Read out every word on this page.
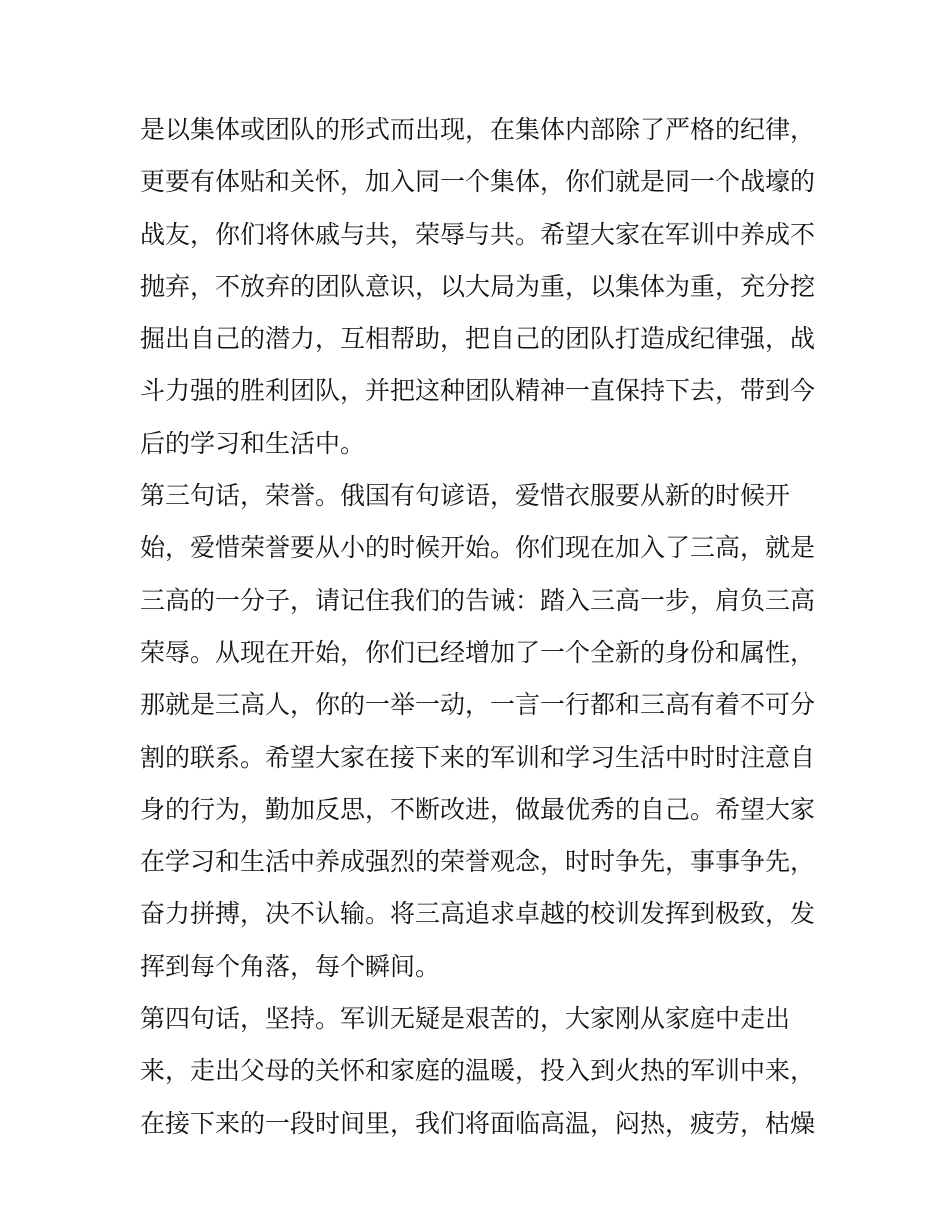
是以集体或团队的形式而出现，在集体内部除了严格的纪律，
更要有体贴和关怀，加入同一个集体，你们就是同一个战壕的
战友，你们将休戚与共，荣辱与共。希望大家在军训中养成不
抛弃，不放弃的团队意识，以大局为重，以集体为重，充分挖
掘出自己的潜力，互相帮助，把自己的团队打造成纪律强，战
斗力强的胜利团队，并把这种团队精神一直保持下去，带到今
后的学习和生活中。
第三句话，荣誉。俄国有句谚语，爱惜衣服要从新的时候开
始，爱惜荣誉要从小的时候开始。你们现在加入了三高，就是
三高的一分子，请记住我们的告诫：踏入三高一步，肩负三高
荣辱。从现在开始，你们已经增加了一个全新的身份和属性，
那就是三高人，你的一举一动，一言一行都和三高有着不可分
割的联系。希望大家在接下来的军训和学习生活中时时注意自
身的行为，勤加反思，不断改进，做最优秀的自己。希望大家
在学习和生活中养成强烈的荣誉观念，时时争先，事事争先，
奋力拼搏，决不认输。将三高追求卓越的校训发挥到极致，发
挥到每个角落，每个瞬间。
第四句话，坚持。军训无疑是艰苦的，大家刚从家庭中走出
来，走出父母的关怀和家庭的温暖，投入到火热的军训中来，
在接下来的一段时间里，我们将面临高温，闷热，疲劳，枯燥
